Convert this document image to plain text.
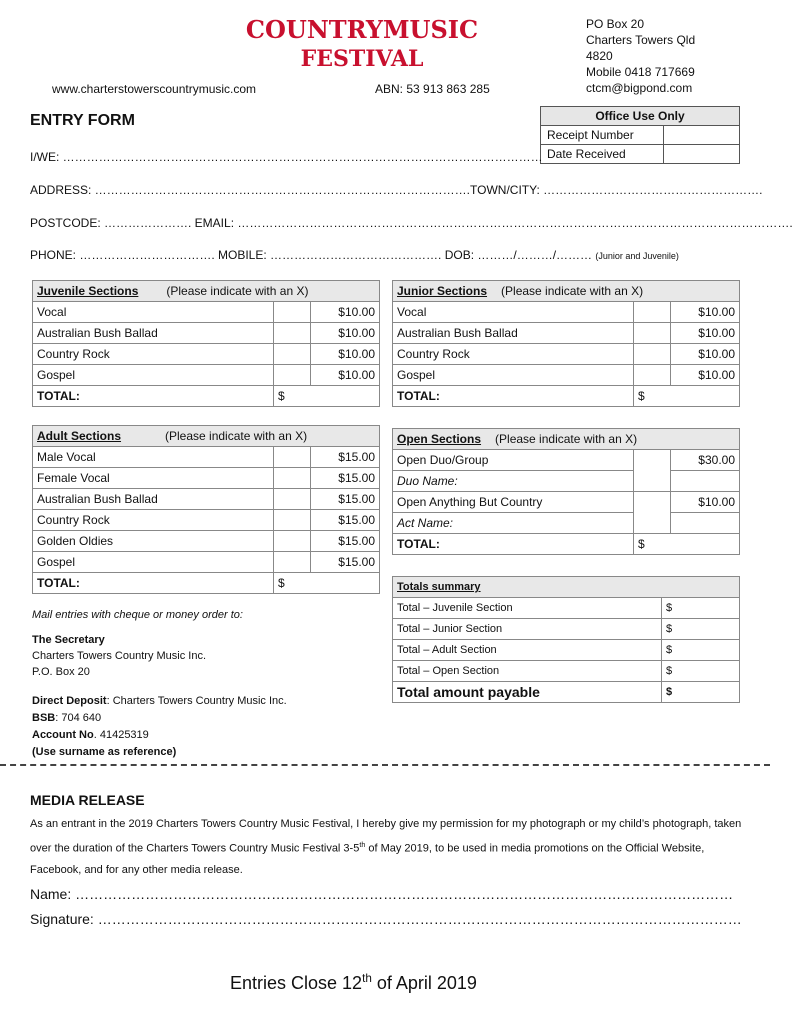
COUNTRYMUSIC
FESTIVAL
PO Box 20
Charters Towers Qld
4820
Mobile 0418 717669
ctcm@bigpond.com
www.charterstowerscountrymusic.com	ABN: 53 913 863 285
ENTRY FORM	Office Use Only	
Receipt Number	
Date Received	
I/WE: …………………………………………………………………………………………………………
ADDRESS: ………………………………………………………………………………….TOWN/CITY: ……………………………………………….
POSTCODE: …………………. EMAIL: ………………………………………………………………………………………………………………………….
PHONE: ……………………………. MOBILE: ……………………………………. DOB: ………/………/……… (Junior and Juvenile)
Juvenile Sections (Please indicate with an X)		
Vocal		$10.00
Australian Bush Ballad		$10.00
Country Rock		$10.00
Gospel		$10.00
TOTAL:	$	
Junior Sections (Please indicate with an X)		
Vocal		$10.00
Australian Bush Ballad		$10.00
Country Rock		$10.00
Gospel		$10.00
TOTAL:	$	
Adult Sections (Please indicate with an X)		
Male Vocal		$15.00
Female Vocal		$15.00
Australian Bush Ballad		$15.00
Country Rock		$15.00
Golden Oldies		$15.00
Gospel		$15.00
TOTAL:	$	
Open Sections (Please indicate with an X)		
Open Duo/Group		$30.00
Duo Name:		
Open Anything But Country		$10.00
Act Name:		
TOTAL:	$	
Totals summary	
Total – Juvenile Section	$
Total – Junior Section	$
Total – Adult Section	$
Total – Open Section	$
Total amount payable	$
Mail entries with cheque or money order to:
The Secretary
Charters Towers Country Music Inc.
P.O. Box 20
Direct Deposit: Charters Towers Country Music Inc.
BSB: 704 640
Account No. 41425319
(Use surname as reference)
MEDIA RELEASE
As an entrant in the 2019 Charters Towers Country Music Festival, I hereby give my permission for my photograph or my child’s photograph, taken over the duration of the Charters Towers Country Music Festival 3-5th of May 2019, to be used in media promotions on the Official Website, Facebook, and for any other media release.
Name: ……………………………………………………………………………………………………………………………
Signature: …………………………………………………………………………………………………………………………
Entries Close 12th of April 2019
